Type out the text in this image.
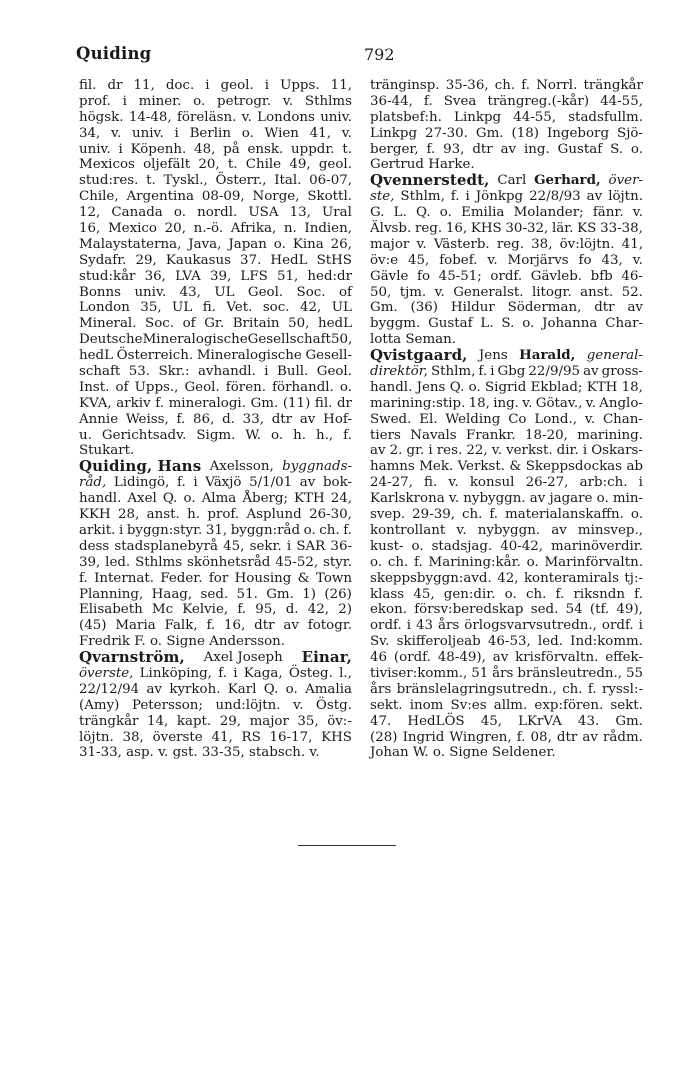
Quiding	792
fil. dr 11, doc. i geol. i Upps. 11,
prof. i miner. o. petrogr. v. Sthlms
högsk. 14-48, föreläsn. v. Londons univ.
34, v. univ. i Berlin o. Wien 41, v.
univ. i Köpenh. 48, på ensk. uppdr. t.
Mexicos oljefält 20, t. Chile 49, geol.
stud:res. t. Tyskl., Österr., Ital. 06-07,
Chile, Argentina 08-09, Norge, Skottl.
12, Canada o. nordl. USA 13, Ural
16, Mexico 20, n.-ö. Afrika, n. Indien,
Malaystaterna, Java, Japan o. Kina 26,
Sydafr. 29, Kaukasus 37. HedL StHS
stud:kår 36, LVA 39, LFS 51, hed:dr
Bonns univ. 43, UL Geol. Soc. of
London 35, UL fi. Vet. soc. 42, UL
Mineral. Soc. of Gr. Britain 50, hedL
Deutsche Mineralogische Gesellschaft 50,
hedL Österreich. Mineralogische Gesell-
schaft 53. Skr.: avhandl. i Bull. Geol.
Inst. of Upps., Geol. fören. förhandl. o.
KVA, arkiv f. mineralogi. Gm. (11) fil. dr
Annie Weiss, f. 86, d. 33, dtr av Hof-
u. Gerichtsadv. Sigm. W. o. h. h., f.
Stukart.
Quiding, Hans Axelsson, byggnads-
råd, Lidingö, f. i Växjö 5/1/01 av bok-
handl. Axel Q. o. Alma Åberg; KTH 24,
KKH 28, anst. h. prof. Asplund 26-30,
arkit. i byggn:styr. 31, byggn:råd o. ch. f.
dess stadsplanebyrå 45, sekr. i SAR 36-
39, led. Sthlms skönhetsråd 45-52, styr.
f. Internat. Feder. for Housing & Town
Planning, Haag, sed. 51. Gm. 1) (26)
Elisabeth Mc Kelvie, f. 95, d. 42, 2)
(45) Maria Falk, f. 16, dtr av fotogr.
Fredrik F. o. Signe Andersson.
Qvarnström, Axel Joseph Einar,
överste, Linköping, f. i Kaga, Östeg. l.,
22/12/94 av kyrkoh. Karl Q. o. Amalia
(Amy) Petersson; und:löjtn. v. Östg.
trängkår 14, kapt. 29, major 35, öv:-
löjtn. 38, överste 41, RS 16-17, KHS
31-33, asp. v. gst. 33-35, stabsch. v.
tränginsp. 35-36, ch. f. Norrl. trängkår
36-44, f. Svea trängreg.(-kår) 44-55,
platsbef:h. Linkpg 44-55, stadsfullm.
Linkpg 27-30. Gm. (18) Ingeborg Sjö-
berger, f. 93, dtr av ing. Gustaf S. o.
Gertrud Harke.
Qvennerstedt, Carl Gerhard, över-
ste, Sthlm, f. i Jönkpg 22/8/93 av löjtn.
G. L. Q. o. Emilia Molander; fänr. v.
Älvsb. reg. 16, KHS 30-32, lär. KS 33-38,
major v. Västerb. reg. 38, öv:löjtn. 41,
öv:e 45, fobef. v. Morjärvs fo 43, v.
Gävle fo 45-51; ordf. Gävleb. bfb 46-
50, tjm. v. Generalst. litogr. anst. 52.
Gm. (36) Hildur Söderman, dtr av
byggm. Gustaf L. S. o. Johanna Char-
lotta Seman.
Qvistgaard, Jens Harald, general-
direktör, Sthlm, f. i Gbg 22/9/95 av gross-
handl. Jens Q. o. Sigrid Ekblad; KTH 18,
marining:stip. 18, ing. v. Götav., v. Anglo-
Swed. El. Welding Co Lond., v. Chan-
tiers Navals Frankr. 18-20, marining.
av 2. gr. i res. 22, v. verkst. dir. i Oskars-
hamns Mek. Verkst. & Skeppsdockas ab
24-27, fi. v. konsul 26-27, arb:ch. i
Karlskrona v. nybyggn. av jagare o. min-
svep. 29-39, ch. f. materialanskaffn. o.
kontrollant v. nybyggn. av minsvep.,
kust- o. stadsjag. 40-42, marinöverdir.
o. ch. f. Marining:kår. o. Marinförvaltn.
skeppsbyggn:avd. 42, konteramirals tj:-
klass 45, gen:dir. o. ch. f. riksndn f.
ekon. försv:beredskap sed. 54 (tf. 49),
ordf. i 43 års örlogsvarvsutredn., ordf. i
Sv. skifferoljeab 46-53, led. Ind:komm.
46 (ordf. 48-49), av krisförvaltn. effek-
tiviser:komm., 51 års bränsleutredn., 55
års bränslelagringsutredn., ch. f. ryssl:-
sekt. inom Sv:es allm. exp:fören. sekt.
47. HedLÖS 45, LKrVA 43. Gm.
(28) Ingrid Wingren, f. 08, dtr av rådm.
Johan W. o. Signe Seldener.
